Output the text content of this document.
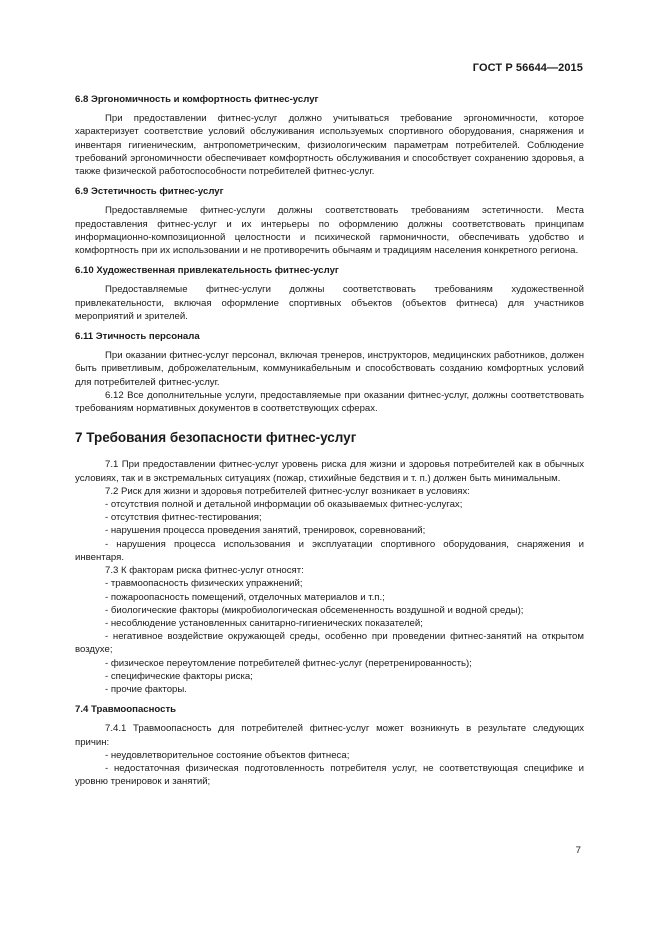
ГОСТ Р 56644—2015

6.8 Эргономичность и комфортность фитнес-услуг

При предоставлении фитнес-услуг должно учитываться требование эргономичности, которое характеризует соответствие условий обслуживания используемых спортивного оборудования, снаряжения и инвентаря гигиеническим, антропометрическим, физиологическим параметрам потребителей. Соблюдение требований эргономичности обеспечивает комфортность обслуживания и способствует сохранению здоровья, а также физической работоспособности потребителей фитнес-услуг.

6.9 Эстетичность фитнес-услуг

Предоставляемые фитнес-услуги должны соответствовать требованиям эстетичности. Места предоставления фитнес-услуг и их интерьеры по оформлению должны соответствовать принципам информационно-композиционной целостности и психической гармоничности, обеспечивать удобство и комфортность при их использовании и не противоречить обычаям и традициям населения конкретного региона.

6.10 Художественная привлекательность фитнес-услуг

Предоставляемые фитнес-услуги должны соответствовать требованиям художественной привлекательности, включая оформление спортивных объектов (объектов фитнеса) для участников мероприятий и зрителей.

6.11 Этичность персонала

При оказании фитнес-услуг персонал, включая тренеров, инструкторов, медицинских работников, должен быть приветливым, доброжелательным, коммуникабельным и способствовать созданию комфортных условий для потребителей фитнес-услуг.

6.12 Все дополнительные услуги, предоставляемые при оказании фитнес-услуг, должны соответствовать требованиям нормативных документов в соответствующих сферах.

7 Требования безопасности фитнес-услуг

7.1 При предоставлении фитнес-услуг уровень риска для жизни и здоровья потребителей как в обычных условиях, так и в экстремальных ситуациях (пожар, стихийные бедствия и т. п.) должен быть минимальным.

7.2 Риск для жизни и здоровья потребителей фитнес-услуг возникает в условиях:

- отсутствия полной и детальной информации об оказываемых фитнес-услугах;

- отсутствия фитнес-тестирования;

- нарушения процесса проведения занятий, тренировок, соревнований;

- нарушения процесса использования и эксплуатации спортивного оборудования, снаряжения и инвентаря.

7.3 К факторам риска фитнес-услуг относят:

- травмоопасность физических упражнений;

- пожароопасность помещений, отделочных материалов и т.п.;

- биологические факторы (микробиологическая обсемененность воздушной и водной среды);

- несоблюдение установленных санитарно-гигиенических показателей;

- негативное воздействие окружающей среды, особенно при проведении фитнес-занятий на открытом воздухе;

- физическое переутомление потребителей фитнес-услуг (перетренированность);

- специфические факторы риска;

- прочие факторы.

7.4 Травмоопасность

7.4.1 Травмоопасность для потребителей фитнес-услуг может возникнуть в результате следующих причин:

- неудовлетворительное состояние объектов фитнеса;

- недостаточная физическая подготовленность потребителя услуг, не соответствующая специфике и уровню тренировок и занятий;

7
